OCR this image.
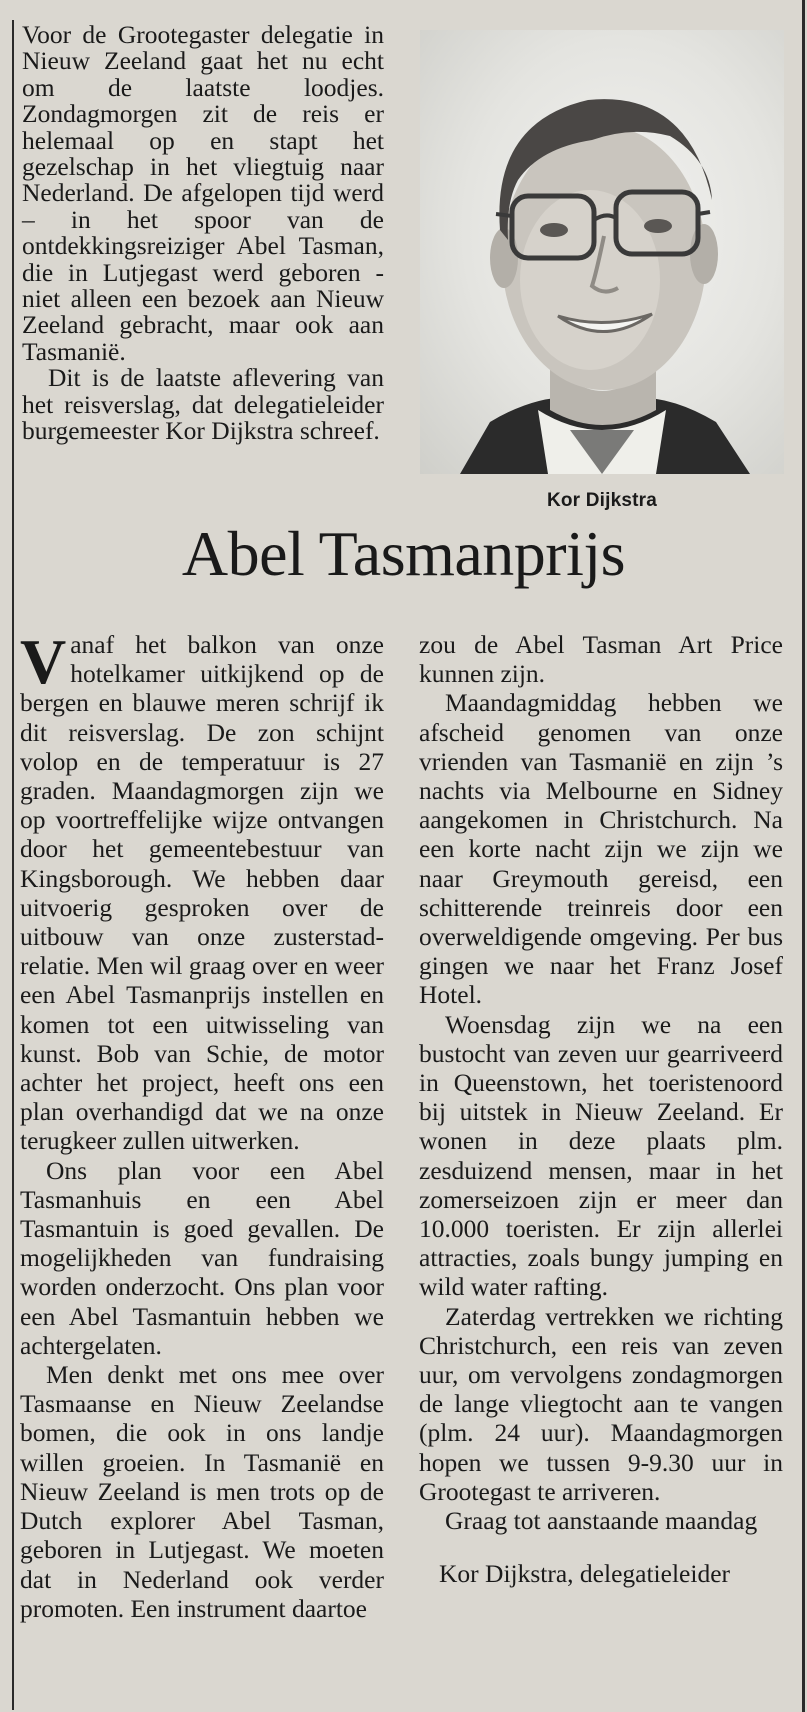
Voor de Grootegaster delegatie in Nieuw Zeeland gaat het nu echt om de laatste loodjes. Zondagmorgen zit de reis er helemaal op en stapt het gezelschap in het vliegtuig naar Nederland. De afgelopen tijd werd – in het spoor van de ontdekkingsreiziger Abel Tasman, die in Lutjegast werd geboren - niet alleen een bezoek aan Nieuw Zeeland gebracht, maar ook aan Tasmanië.

Dit is de laatste aflevering van het reisverslag, dat delegatieleider burgemeester Kor Dijkstra schreef.

Kor Dijkstra
Abel Tasmanprijs

Vanaf het balkon van onze hotelkamer uitkijkend op de bergen en blauwe meren schrijf ik dit reisverslag. De zon schijnt volop en de temperatuur is 27 graden. Maandagmorgen zijn we op voortreffelijke wijze ontvangen door het gemeentebestuur van Kingsborough. We hebben daar uitvoerig gesproken over de uitbouw van onze zusterstad-relatie. Men wil graag over en weer een Abel Tasmanprijs instellen en komen tot een uitwisseling van kunst. Bob van Schie, de motor achter het project, heeft ons een plan overhandigd dat we na onze terugkeer zullen uitwerken.

Ons plan voor een Abel Tasmanhuis en een Abel Tasmantuin is goed gevallen. De mogelijkheden van fundraising worden onderzocht. Ons plan voor een Abel Tasmantuin hebben we achtergelaten.

Men denkt met ons mee over Tasmaanse en Nieuw Zeelandse bomen, die ook in ons landje willen groeien. In Tasmanië en Nieuw Zeeland is men trots op de Dutch explorer Abel Tasman, geboren in Lutjegast. We moeten dat in Nederland ook verder promoten. Een instrument daartoe

zou de Abel Tasman Art Price kunnen zijn.

Maandagmiddag hebben we afscheid genomen van onze vrienden van Tasmanië en zijn ’s nachts via Melbourne en Sidney aangekomen in Christchurch. Na een korte nacht zijn we zijn we naar Greymouth gereisd, een schitterende treinreis door een overweldigende omgeving. Per bus gingen we naar het Franz Josef Hotel.

Woensdag zijn we na een bustocht van zeven uur gearriveerd in Queenstown, het toeristenoord bij uitstek in Nieuw Zeeland. Er wonen in deze plaats plm. zesduizend mensen, maar in het zomerseizoen zijn er meer dan 10.000 toeristen. Er zijn allerlei attracties, zoals bungy jumping en wild water rafting.

Zaterdag vertrekken we richting Christchurch, een reis van zeven uur, om vervolgens zondagmorgen de lange vliegtocht aan te vangen (plm. 24 uur). Maandagmorgen hopen we tussen 9-9.30 uur in Grootegast te arriveren.

Graag tot aanstaande maandag

Kor Dijkstra, delegatieleider
